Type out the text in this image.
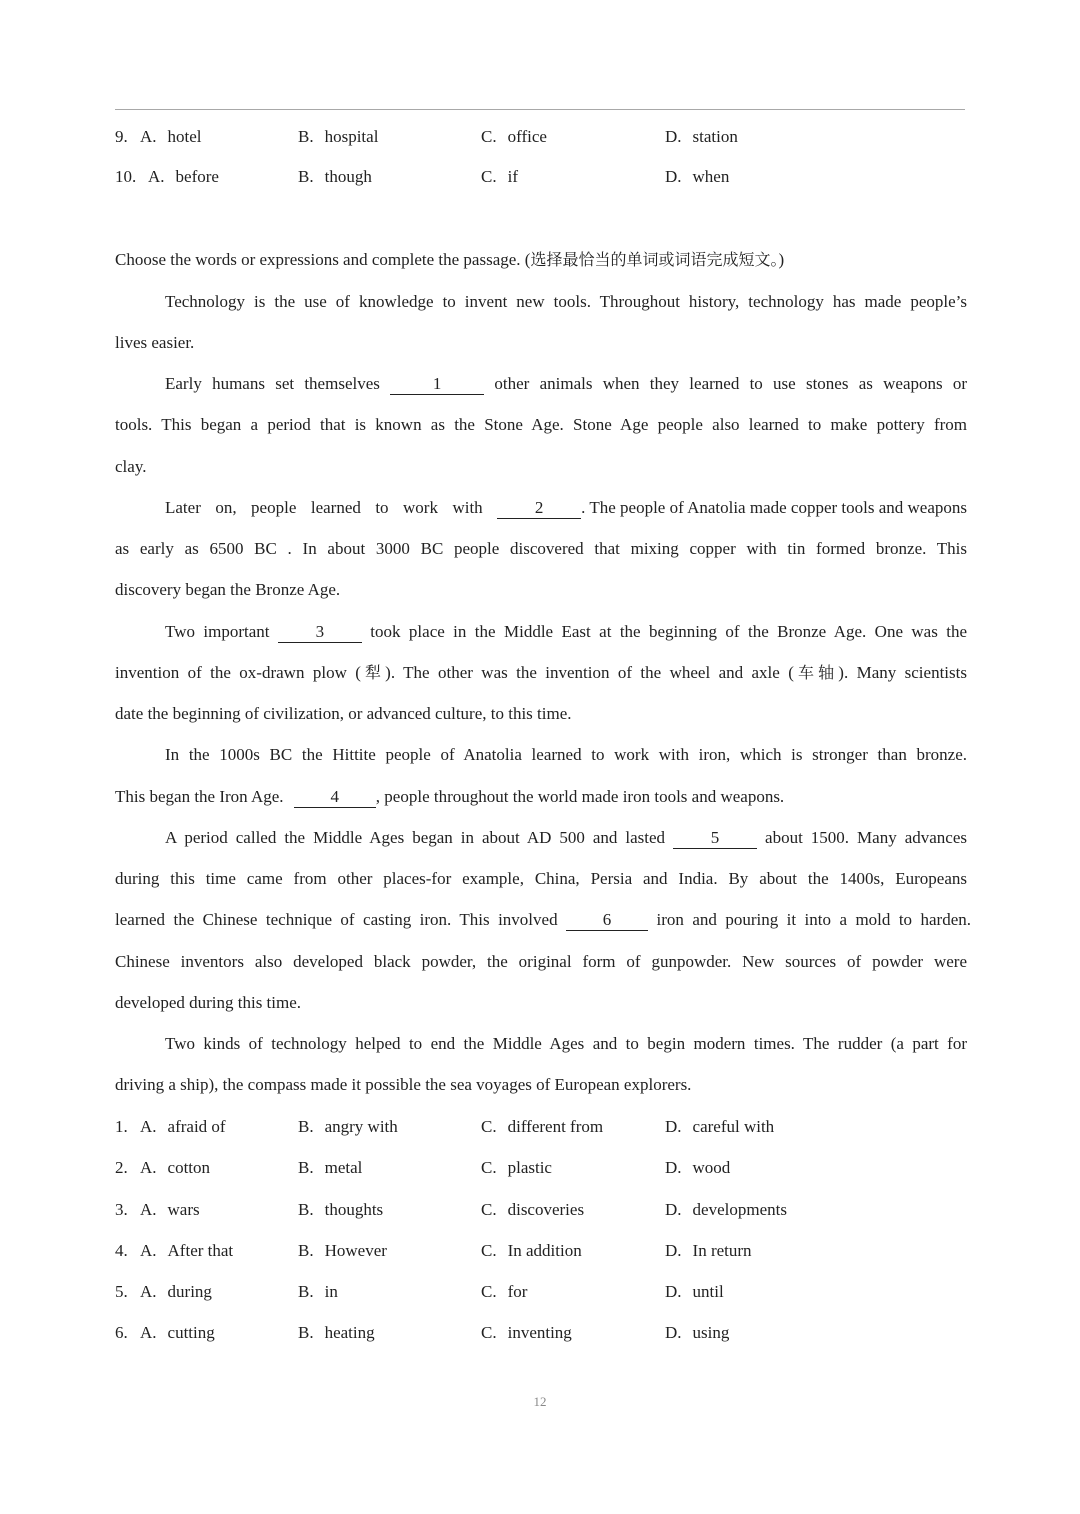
9. A. hotel	B. hospital	C. office	D. station
10. A. before	B. though	C. if	D. when
Choose the words or expressions and complete the passage. (选择最恰当的单词或词语完成短文。)
Technology is the use of knowledge to invent new tools. Throughout history, technology has made people’s
lives easier.
Early humans set themselves	1	other animals when they learned to use stones as weapons or
tools. This began a period that is known as the Stone Age. Stone Age people also learned to make pottery from
clay.
Later on, people learned to work with	2 . The people of Anatolia made copper tools and weapons
as early as 6500 BC . In about 3000 BC people discovered that mixing copper with tin formed bronze. This
discovery began the Bronze Age.
Two important	3	took place in the Middle East at the beginning of the Bronze Age. One was the
invention of the ox-drawn plow (犁). The other was the invention of the wheel and axle (车轴). Many scientists
date the beginning of civilization, or advanced culture, to this time.
In the 1000s BC the Hittite people of Anatolia learned to work with iron, which is stronger than bronze.
This began the Iron Age.	4 , people throughout the world made iron tools and weapons.
A period called the Middle Ages began in about AD 500 and lasted	5	about 1500. Many advances
during this time came from other places-for example, China, Persia and India. By about the 1400s, Europeans
learned the Chinese technique of casting iron. This involved	6	iron and pouring it into a mold to harden.
Chinese inventors also developed black powder, the original form of gunpowder. New sources of powder were
developed during this time.
Two kinds of technology helped to end the Middle Ages and to begin modern times. The rudder (a part for
driving a ship), the compass made it possible the sea voyages of European explorers.
1. A. afraid of	B. angry with	C. different from	D. careful with
2. A. cotton	B. metal	C. plastic	D. wood
3. A. wars	B. thoughts	C. discoveries	D. developments
4. A. After that	B. However	C. In addition	D. In return
5. A. during	B. in	C. for	D. until
6. A. cutting	B. heating	C. inventing	D. using
12
